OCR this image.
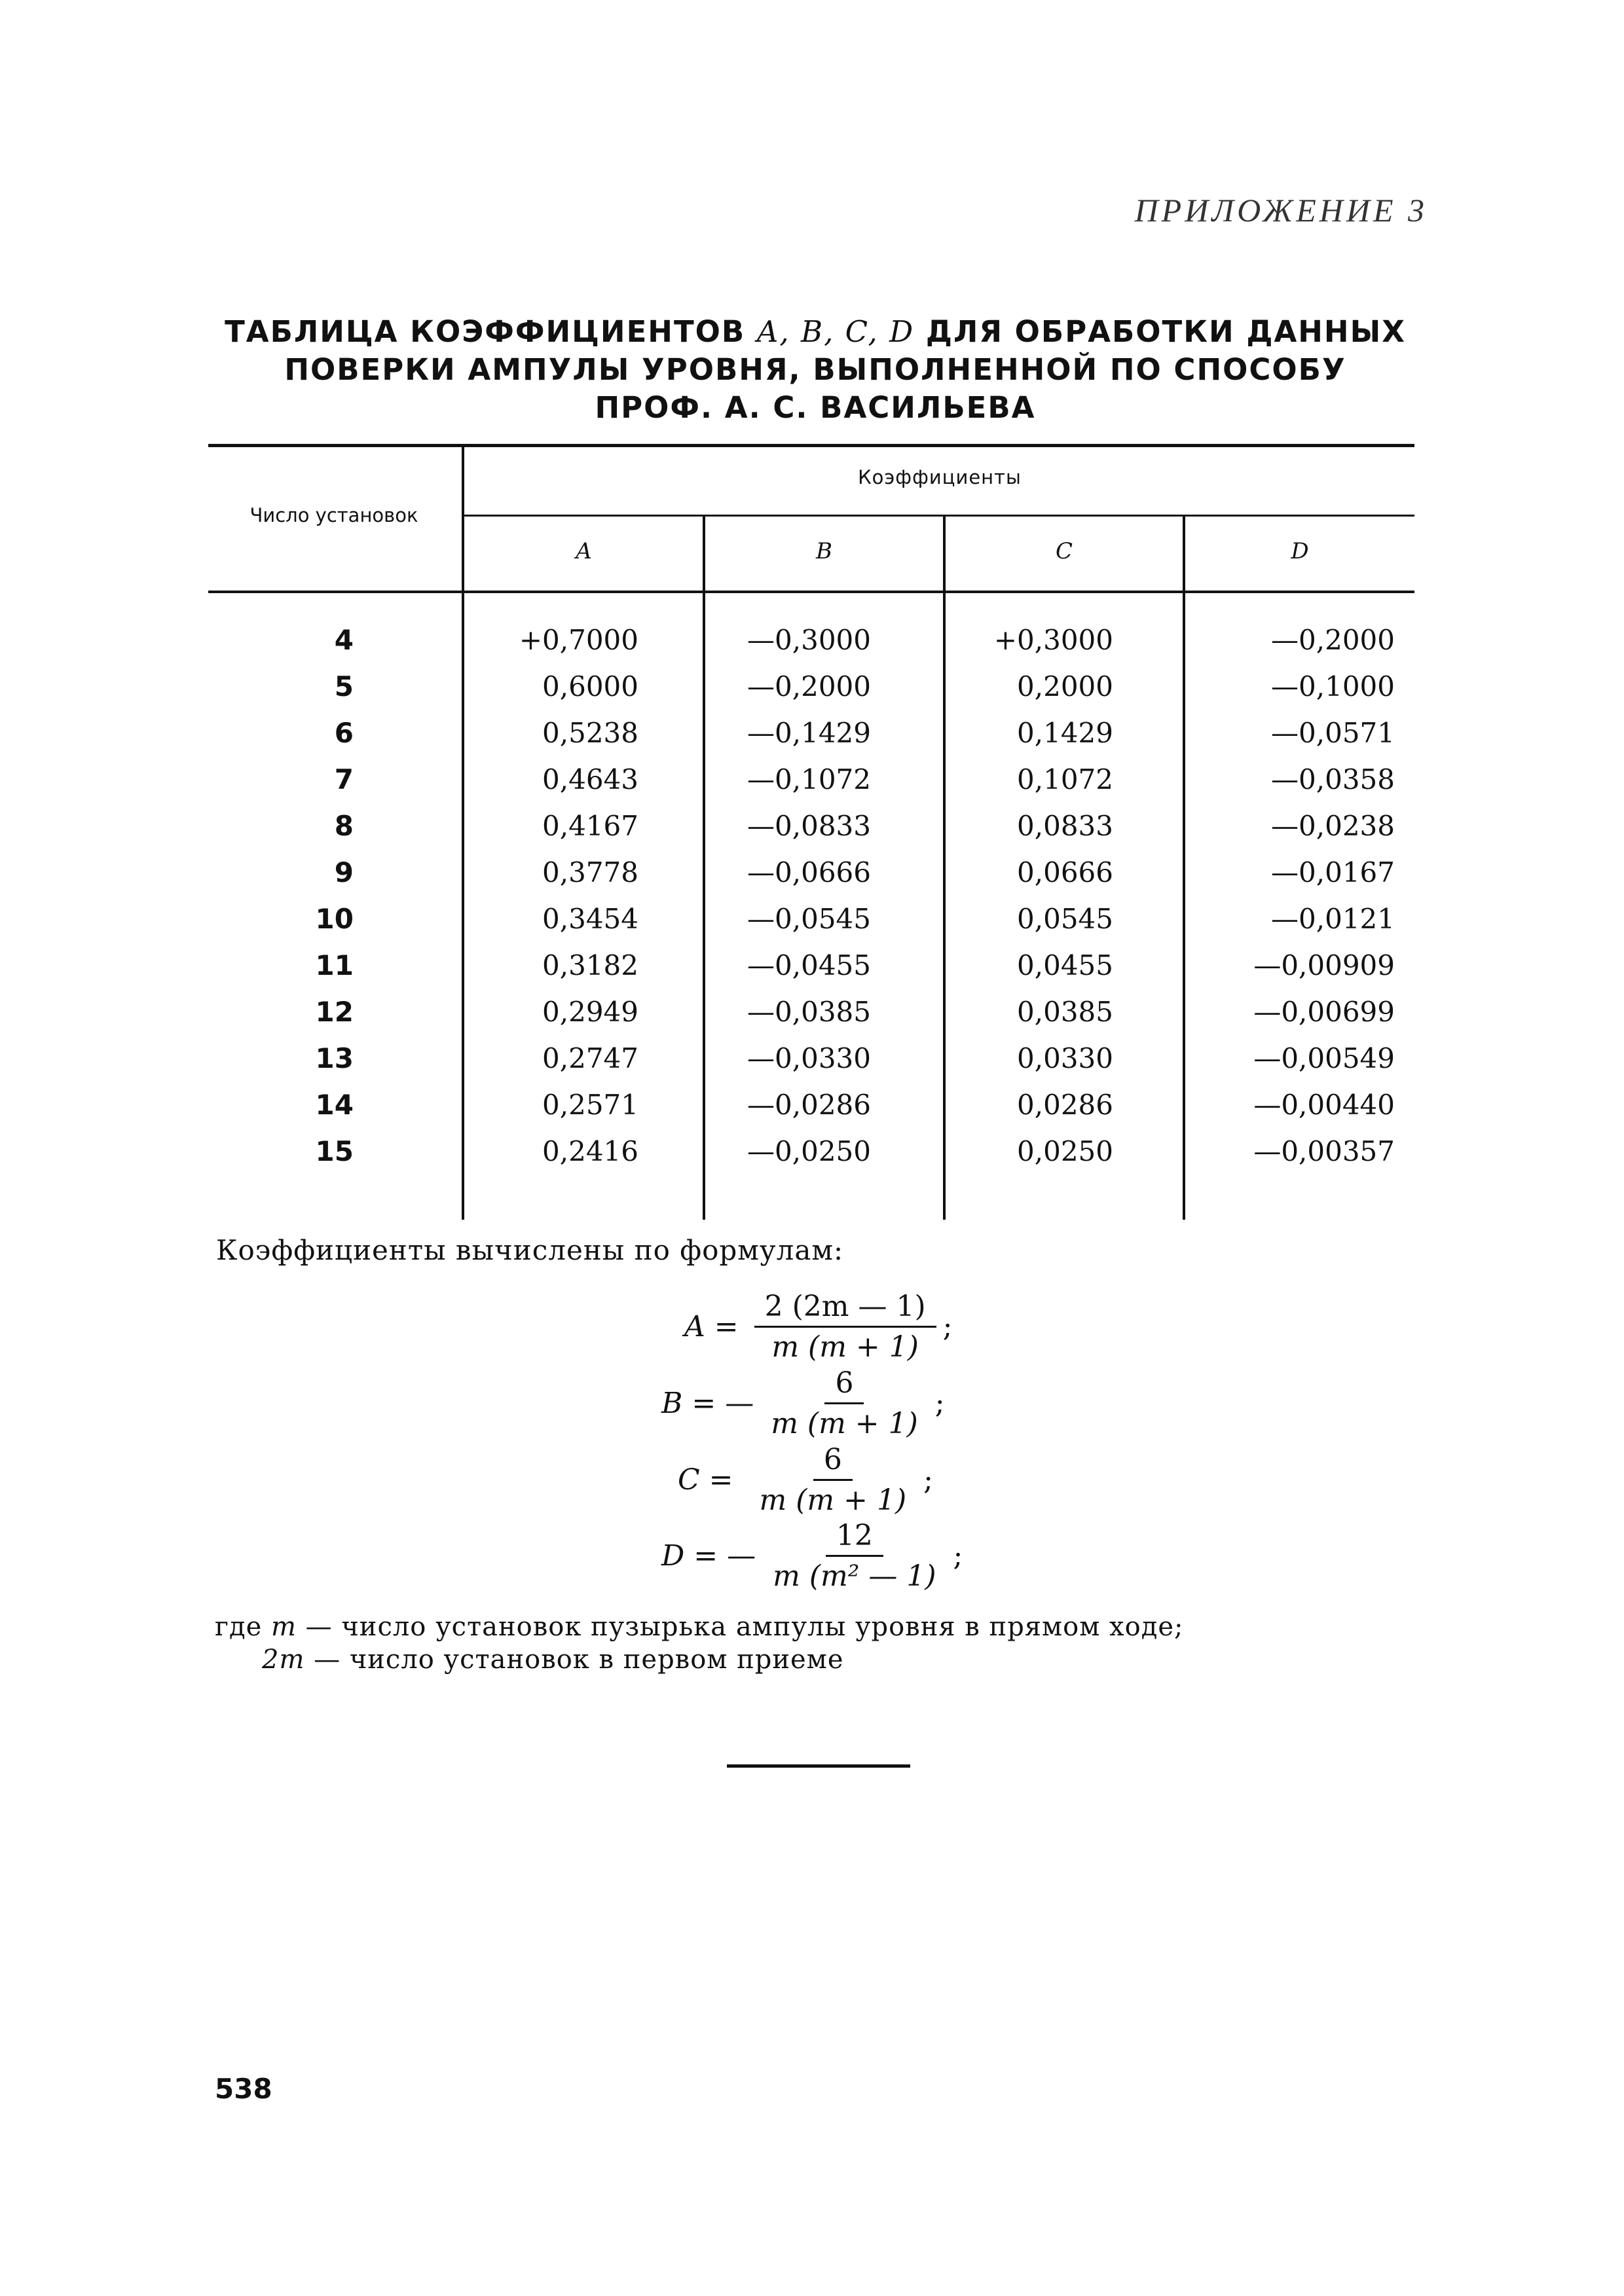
ПРИЛОЖЕНИЕ 3
ТАБЛИЦА КОЭФФИЦИЕНТОВ A, B, C, D ДЛЯ ОБРАБОТКИ ДАННЫХ
ПОВЕРКИ АМПУЛЫ УРОВНЯ, ВЫПОЛНЕННОЙ ПО СПОСОБУ
ПРОФ. А. С. ВАСИЛЬЕВА
Число установок
Коэффициенты
A	B	C	D
4	+0,7000	—0,3000	+0,3000	—0,2000
5	0,6000	—0,2000	0,2000	—0,1000
6	0,5238	—0,1429	0,1429	—0,0571
7	0,4643	—0,1072	0,1072	—0,0358
8	0,4167	—0,0833	0,0833	—0,0238
9	0,3778	—0,0666	0,0666	—0,0167
10	0,3454	—0,0545	0,0545	—0,0121
11	0,3182	—0,0455	0,0455	—0,00909
12	0,2949	—0,0385	0,0385	—0,00699
13	0,2747	—0,0330	0,0330	—0,00549
14	0,2571	—0,0286	0,0286	—0,00440
15	0,2416	—0,0250	0,0250	—0,00357
Коэффициенты вычислены по формулам:
$A = \frac{2 (2m — 1)}{m (m + 1)}$ ;
B = — $\frac{6}{m (m + 1)}$ ;
$C = \frac{6}{m (m + 1)}$ ;
D = — $\frac{12}{\text{m (m² — 1)}}$ ;
где m — число установок пузырька ампулы уровня в прямом ходе;
2m — число установок в первом приеме
538
